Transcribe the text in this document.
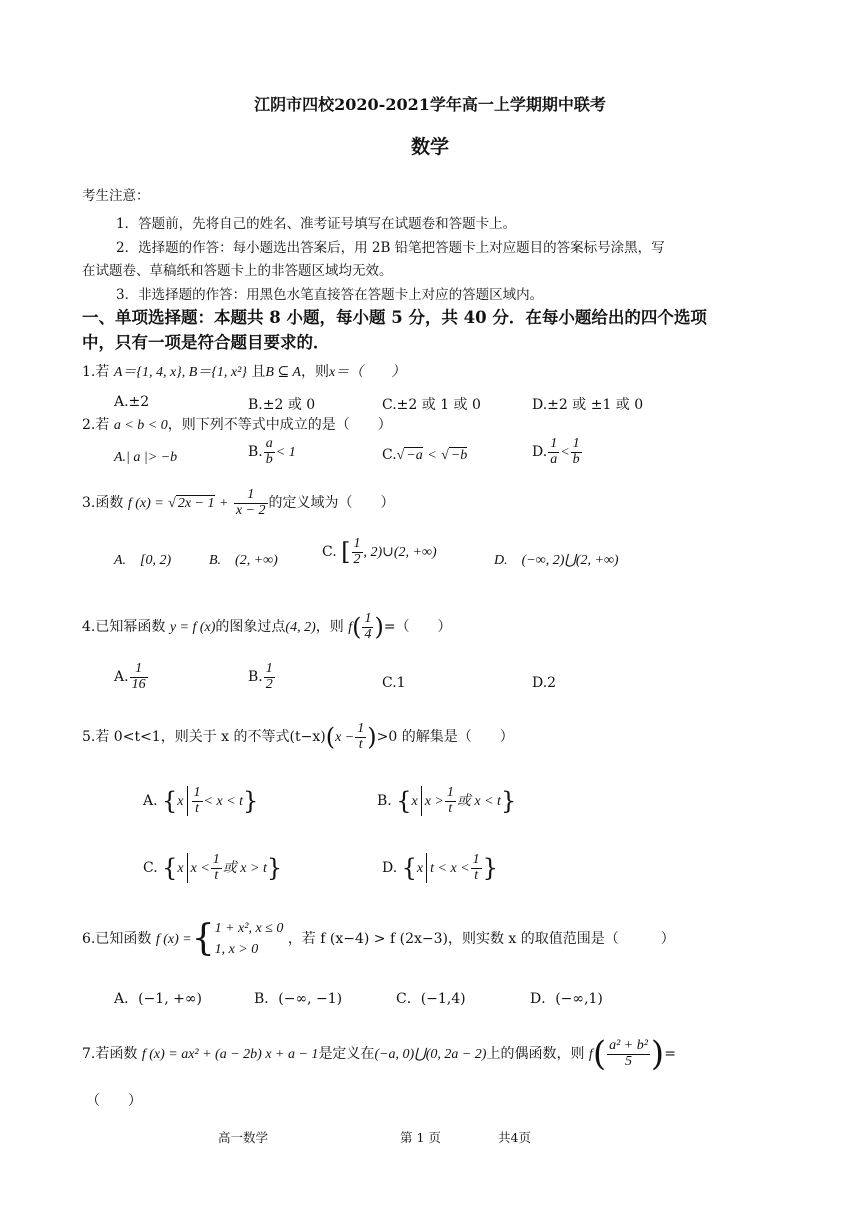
江阴市四校2020-2021学年高一上学期期中联考
数学
考生注意：
1．答题前，先将自己的姓名、准考证号填写在试题卷和答题卡上。
2．选择题的作答：每小题选出答案后，用 2B 铅笔把答题卡上对应题目的答案标号涂黑，写
在试题卷、草稿纸和答题卡上的非答题区域均无效。
3．非选择题的作答：用黑色水笔直接答在答题卡上对应的答题区域内。
一、单项选择题：本题共 8 小题，每小题 5 分，共 40 分．在每小题给出的四个选项
中，只有一项是符合题目要求的．
1.若 A＝{1, 4, x}, B＝{1, x²} 且B ⊆ A，则x＝（　　）
A.±2	B.±2 或 0	C.±2 或 1 或 0	D.±2 或 ±1 或 0
2.若 a < b < 0，则下列不等式中成立的是（　　）
A.| a |> −b	B. $\frac{a}{b} < 1$	C.√ −a < √ −b	D. $\frac{1}{a} < \frac{1}{b}$
3.函数 f (x) = √ $2x - 1 + \frac{1}{x - 2}$ 的定义域为（　　）
A.　[0, 2)	B.　(2, +∞)
C. [ $\frac{1}{2}$ , 2)∪(2, +∞)
D.　(−∞, 2)⋃(2, +∞)
4.已知幂函数 y = f (x)的图象过点(4, 2)，则 $f( \frac{1}{4}$ )=（　　）
A. $\frac{1}{16}$	B. $\frac{1}{2}$	C.1	D.2
5.若 0<t<1，则关于 x 的不等式$(t-x)(x - \frac{1}{t} )>0$ 的解集是（　　）
A. $\{x \frac{1}{t} < x < t\}$	B. {x $x > \frac{1}{t}$ 或 x < t}
C. {x $x < \frac{1}{t}$ 或 x > t}	D. {x $t < x < \frac{1}{t}$ }
6.已知函数 f (x) ={ 1 + x², x ≤ 0
1, x > 0
，若 f (x−4) > f (2x−3)，则实数 x 的取值范围是（　　　）
A．(−1, +∞)	B．(−∞, −1)	C．(−1,4)	D．(−∞,1)
7.若函数 f (x) = ax² + (a − 2b) x + a − 1是定义在(−a, 0)⋃(0, 2a − 2)上的偶函数，则 $f( \frac{\text{a² + b²}}{5}$ )=
（　　）
高一数学	第 1 页	共4页
